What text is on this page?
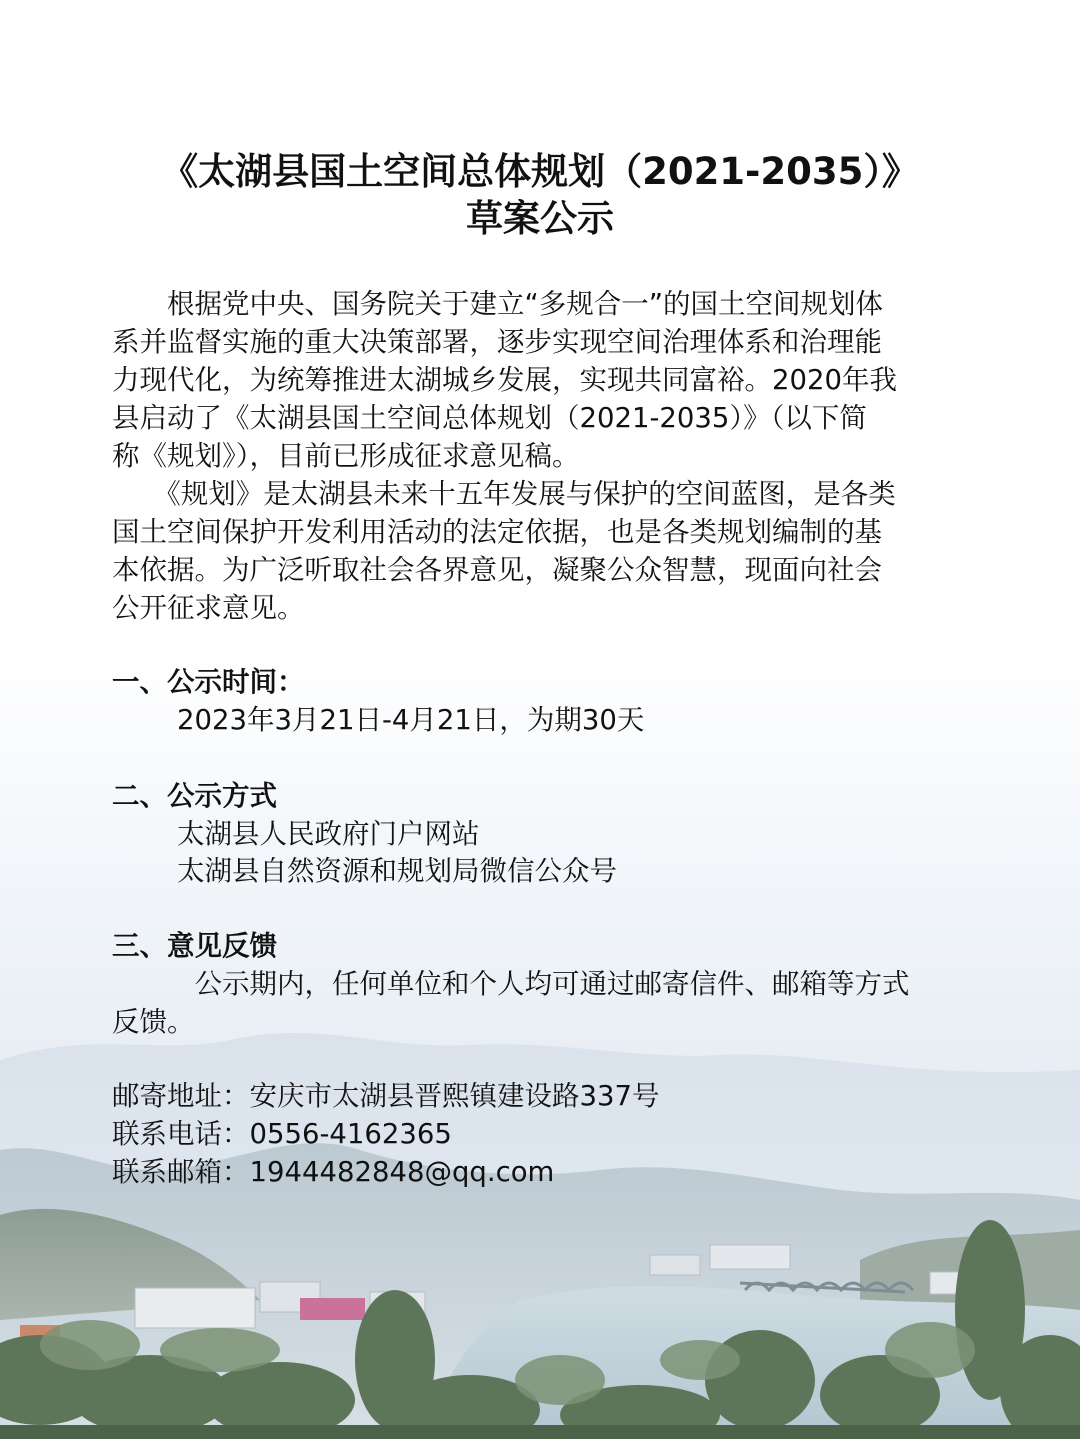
《太湖县国土空间总体规划（2021-2035）》
草案公示
　　根据党中央、国务院关于建立“多规合一”的国土空间规划体
系并监督实施的重大决策部署，逐步实现空间治理体系和治理能
力现代化，为统筹推进太湖城乡发展，实现共同富裕。2020年我
县启动了《太湖县国土空间总体规划（2021-2035）》（以下简
称《规划》），目前已形成征求意见稿。
　　《规划》是太湖县未来十五年发展与保护的空间蓝图，是各类
国土空间保护开发利用活动的法定依据，也是各类规划编制的基
本依据。为广泛听取社会各界意见，凝聚公众智慧，现面向社会
公开征求意见。
一、公示时间：
2023年3月21日-4月21日，为期30天
二、公示方式
太湖县人民政府门户网站
太湖县自然资源和规划局微信公众号
三、意见反馈
　　　公示期内，任何单位和个人均可通过邮寄信件、邮箱等方式
反馈。
邮寄地址：安庆市太湖县晋熙镇建设路337号
联系电话：0556-4162365
联系邮箱：1944482848@qq.com
